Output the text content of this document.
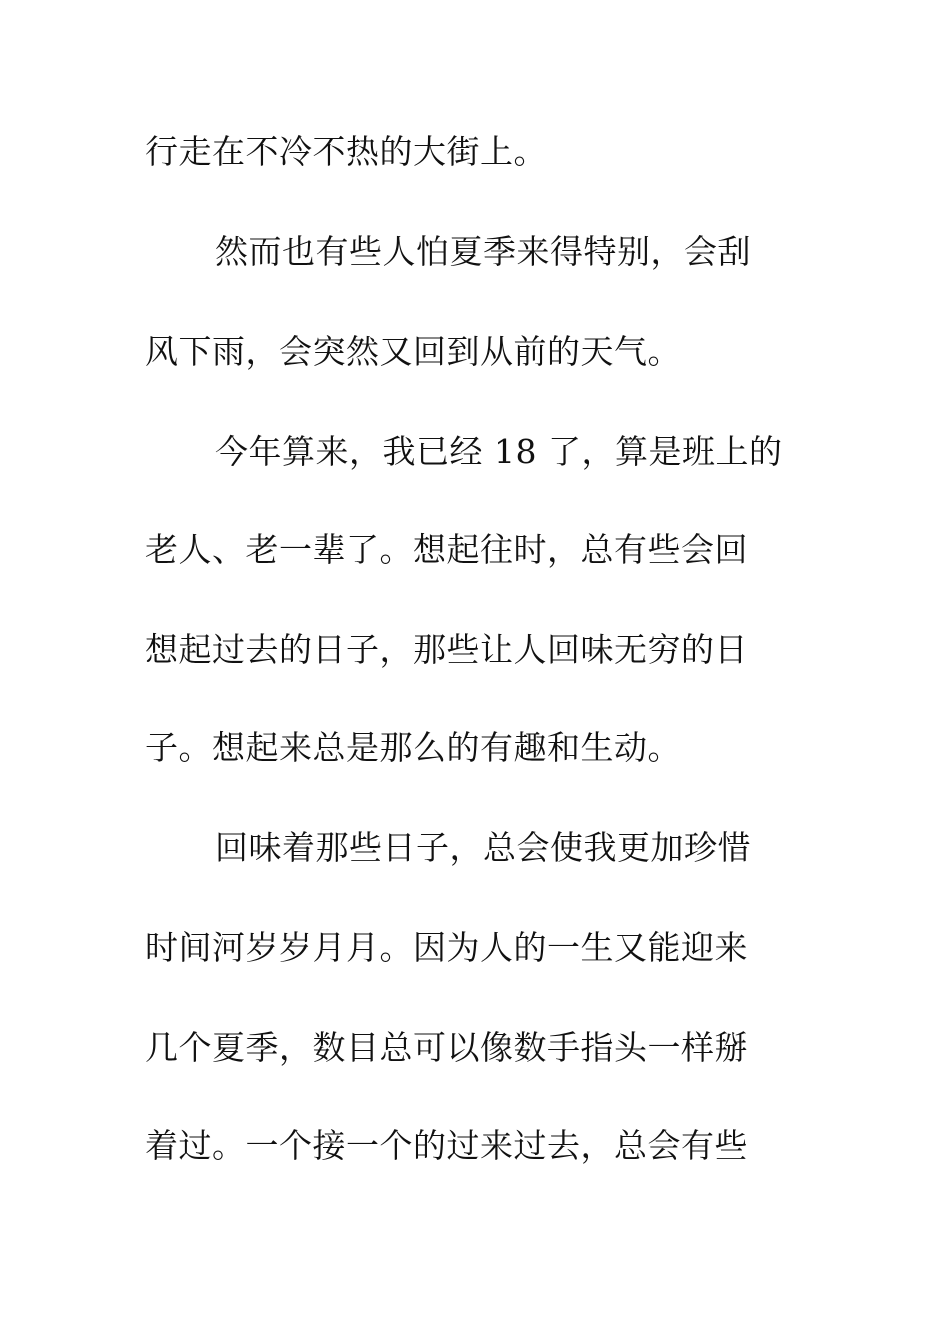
行走在不冷不热的大街上。
然而也有些人怕夏季来得特别，会刮
风下雨，会突然又回到从前的天气。
今年算来，我已经 18 了，算是班上的
老人、老一辈了。想起往时，总有些会回
想起过去的日子，那些让人回味无穷的日
子。想起来总是那么的有趣和生动。
回味着那些日子，总会使我更加珍惜
时间河岁岁月月。因为人的一生又能迎来
几个夏季，数目总可以像数手指头一样掰
着过。一个接一个的过来过去，总会有些
